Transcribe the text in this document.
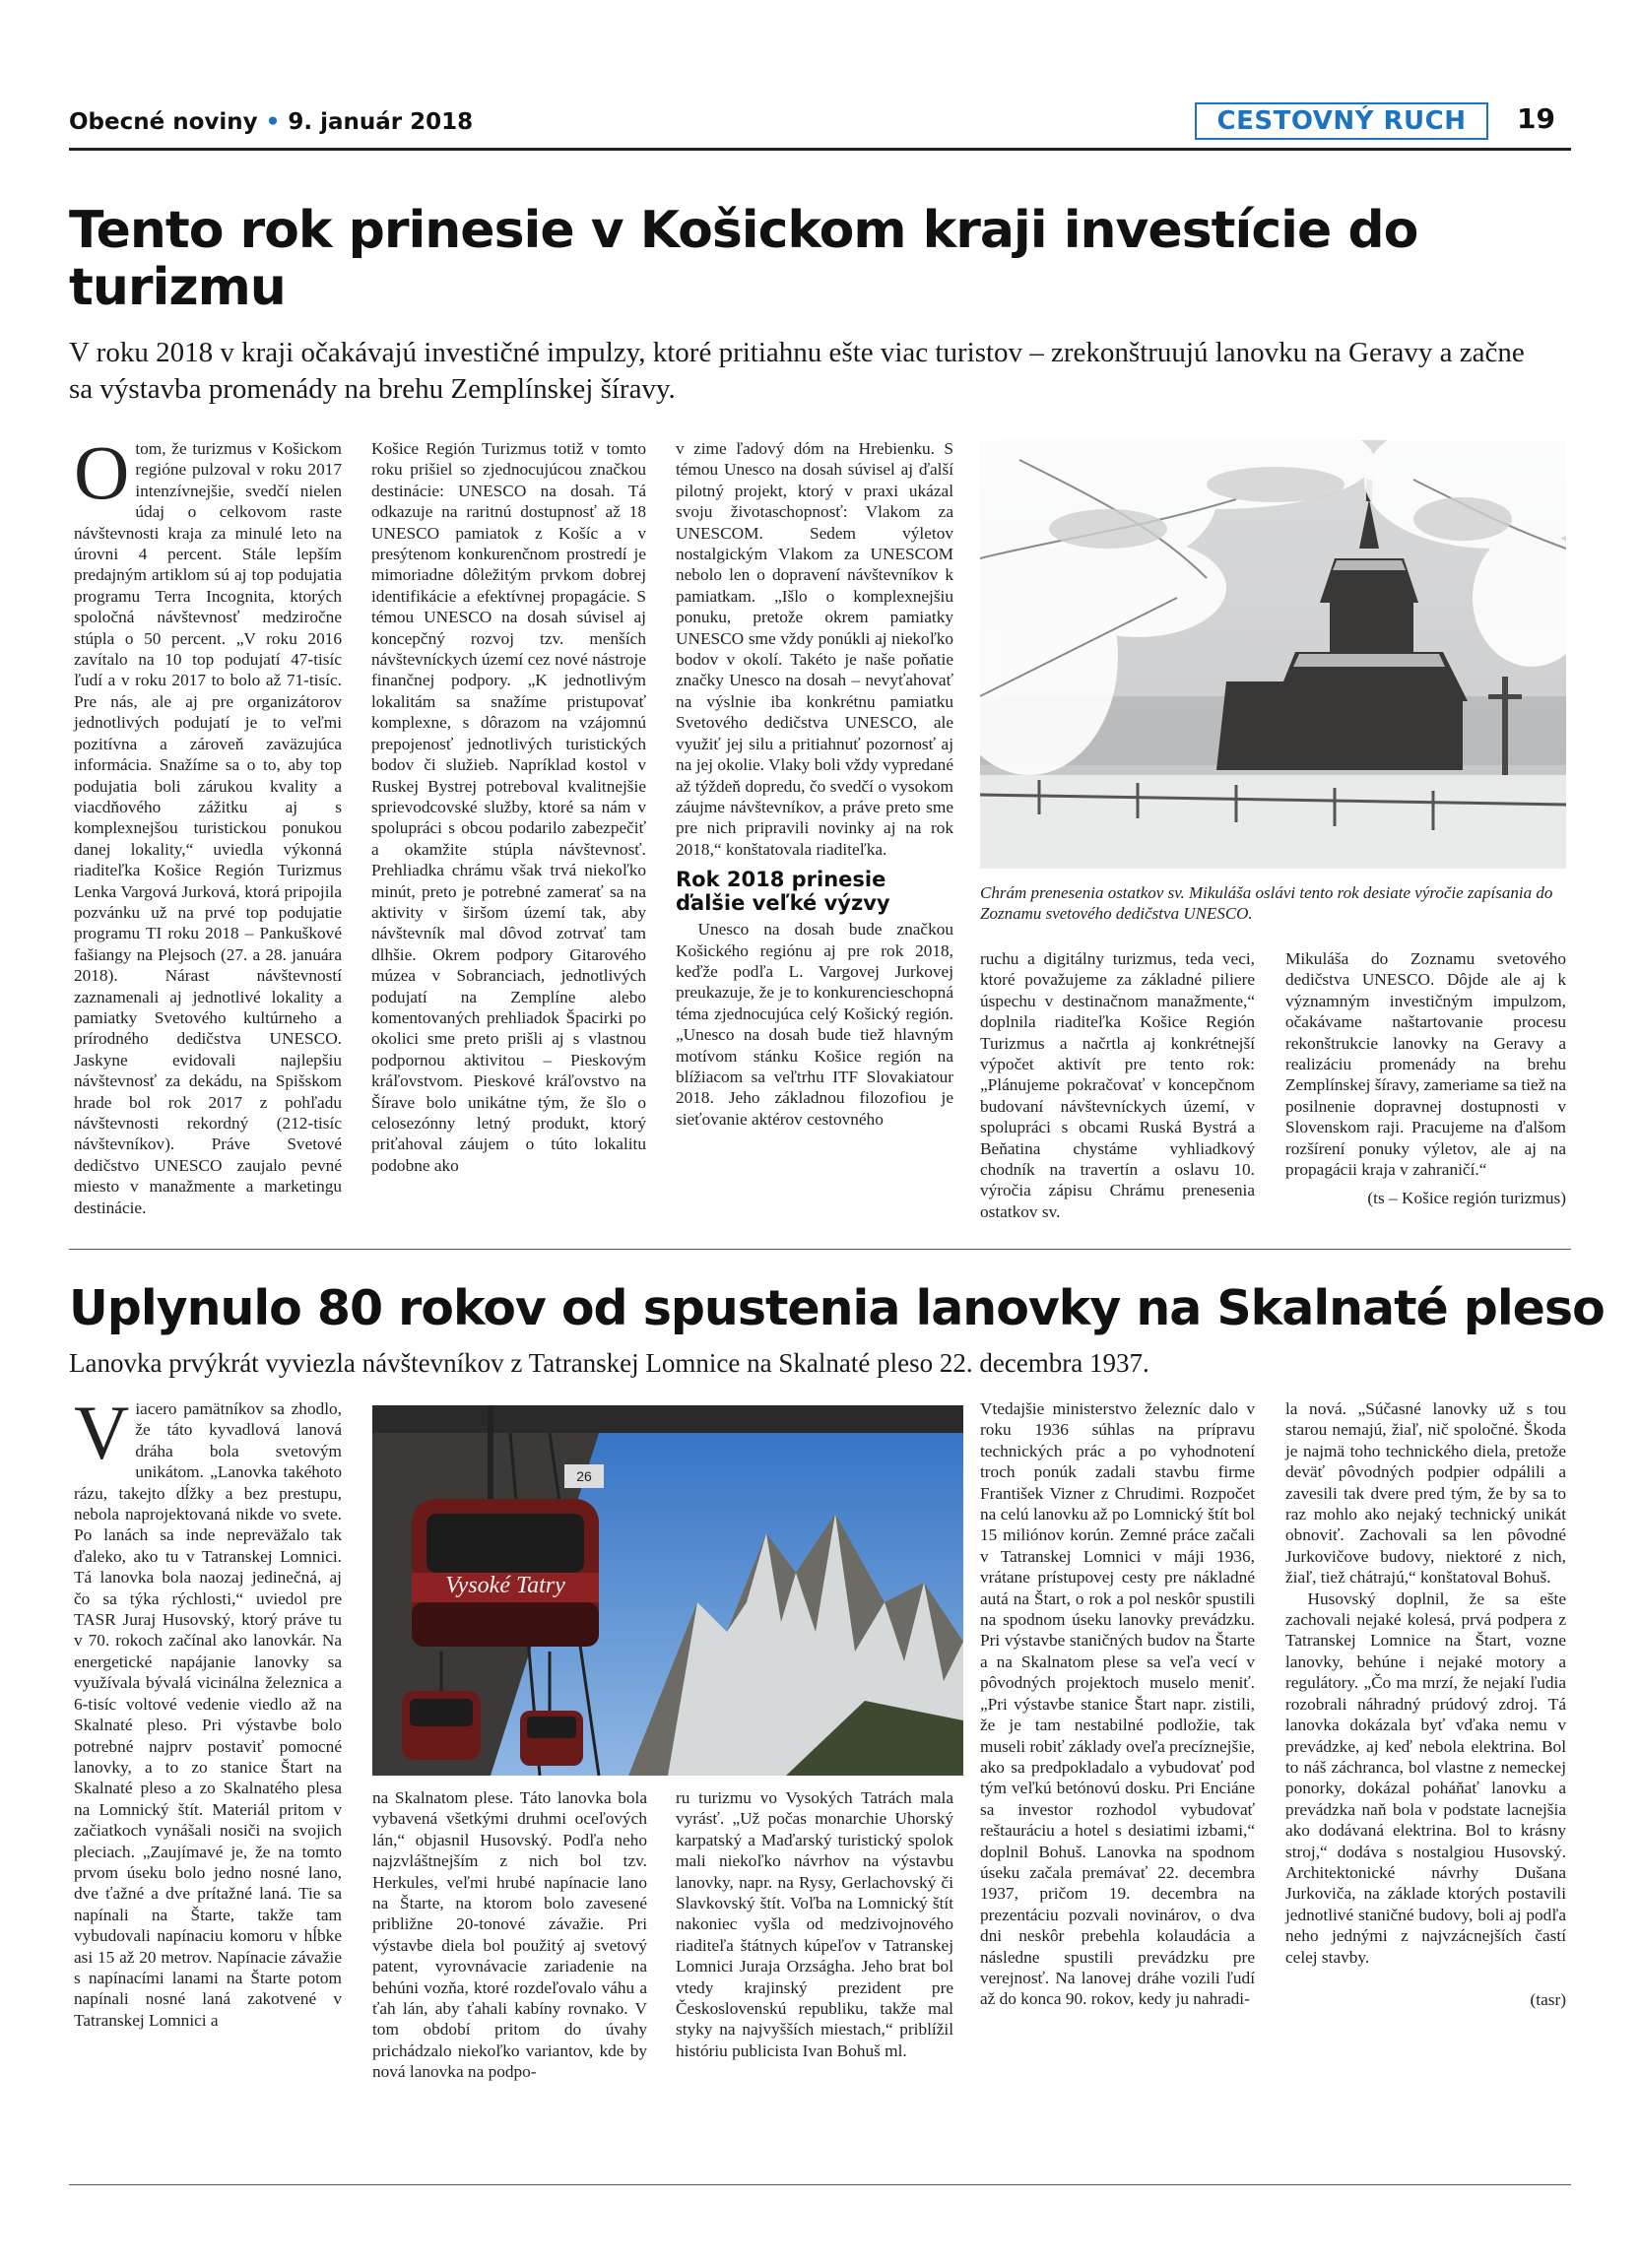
Obecné noviny • 9. január 2018	CESTOVNÝ RUCH	19
Tento rok prinesie v Košickom kraji investície do turizmu
V roku 2018 v kraji očakávajú investičné impulzy, ktoré pritiahnu ešte viac turistov – zrekonštruujú lanovku na Geravy a začne sa výstavba promenády na brehu Zemplínskej šíravy.

Otom, že turizmus v Košickom regióne pulzoval v roku 2017 intenzívnejšie, svedčí nielen údaj o celkovom raste návštevnosti kraja za minulé leto na úrovni 4 percent. Stále lepším predajným artiklom sú aj top podujatia programu Terra Incognita, ktorých spoločná návštevnosť medziročne stúpla o 50 percent. „V roku 2016 zavítalo na 10 top podujatí 47-tisíc ľudí a v roku 2017 to bolo až 71-tisíc. Pre nás, ale aj pre organizátorov jednotlivých podujatí je to veľmi pozitívna a zároveň zaväzujúca informácia. Snažíme sa o to, aby top podujatia boli zárukou kvality a viacdňového zážitku aj s komplexnejšou turistickou ponukou danej lokality,“ uviedla výkonná riaditeľka Košice Región Turizmus Lenka Vargová Jurková, ktorá pripojila pozvánku už na prvé top podujatie programu TI roku 2018 – Pankuškové fašiangy na Plejsoch (27. a 28. januára 2018). Nárast návštevností zaznamenali aj jednotlivé lokality a pamiatky Svetového kultúrneho a prírodného dedičstva UNESCO. Jaskyne evidovali najlepšiu návštevnosť za dekádu, na Spišskom hrade bol rok 2017 z pohľadu návštevnosti rekordný (212-tisíc návštevníkov). Práve Svetové dedičstvo UNESCO zaujalo pevné miesto v manažmente a marketingu destinácie.

Košice Región Turizmus totiž v tomto roku prišiel so zjednocujúcou značkou destinácie: UNESCO na dosah. Tá odkazuje na raritnú dostupnosť až 18 UNESCO pamiatok z Košíc a v presýtenom konkurenčnom prostredí je mimoriadne dôležitým prvkom dobrej identifikácie a efektívnej propagácie. S témou UNESCO na dosah súvisel aj koncepčný rozvoj tzv. menších návštevníckych území cez nové nástroje finančnej podpory. „K jednotlivým lokalitám sa snažíme pristupovať komplexne, s dôrazom na vzájomnú prepojenosť jednotlivých turistických bodov či služieb. Napríklad kostol v Ruskej Bystrej potreboval kvalitnejšie sprievodcovské služby, ktoré sa nám v spolupráci s obcou podarilo zabezpečiť a okamžite stúpla návštevnosť. Prehliadka chrámu však trvá niekoľko minút, preto je potrebné zamerať sa na aktivity v širšom území tak, aby návštevník mal dôvod zotrvať tam dlhšie. Okrem podpory Gitarového múzea v Sobranciach, jednotlivých podujatí na Zemplíne alebo komentovaných prehliadok Špacirki po okolici sme preto prišli aj s vlastnou podpornou aktivitou – Pieskovým kráľovstvom. Pieskové kráľovstvo na Šírave bolo unikátne tým, že šlo o celosezónny letný produkt, ktorý priťahoval záujem o túto lokalitu podobne ako

v zime ľadový dóm na Hrebienku. S témou Unesco na dosah súvisel aj ďalší pilotný projekt, ktorý v praxi ukázal svoju životaschopnosť: Vlakom za UNESCOM. Sedem výletov nostalgickým Vlakom za UNESCOM nebolo len o dopravení návštevníkov k pamiatkam. „Išlo o komplexnejšiu ponuku, pretože okrem pamiatky UNESCO sme vždy ponúkli aj niekoľko bodov v okolí. Takéto je naše poňatie značky Unesco na dosah – nevyťahovať na výslnie iba konkrétnu pamiatku Svetového dedičstva UNESCO, ale využiť jej silu a pritiahnuť pozornosť aj na jej okolie. Vlaky boli vždy vypredané až týždeň dopredu, čo svedčí o vysokom záujme návštevníkov, a práve preto sme pre nich pripravili novinky aj na rok 2018,“ konštatovala riaditeľka.

Rok 2018 prinesie ďalšie veľké výzvy

Unesco na dosah bude značkou Košického regiónu aj pre rok 2018, keďže podľa L. Vargovej Jurkovej preukazuje, že je to konkurencieschopná téma zjednocujúca celý Košický región. „Unesco na dosah bude tiež hlavným motívom stánku Košice región na blížiacom sa veľtrhu ITF Slovakiatour 2018. Jeho základnou filozofiou je sieťovanie aktérov cestovného

Chrám prenesenia ostatkov sv. Mikuláša oslávi tento rok desiate výročie zapísania do Zoznamu svetového dedičstva UNESCO.

ruchu a digitálny turizmus, teda veci, ktoré považujeme za základné piliere úspechu v destinačnom manažmente,“ doplnila riaditeľka Košice Región Turizmus a načrtla aj konkrétnejší výpočet aktivít pre tento rok: „Plánujeme pokračovať v koncepčnom budovaní návštevníckych území, v spolupráci s obcami Ruská Bystrá a Beňatina chystáme vyhliadkový chodník na travertín a oslavu 10. výročia zápisu Chrámu prenesenia ostatkov sv.

Mikuláša do Zoznamu svetového dedičstva UNESCO. Dôjde ale aj k významným investičným impulzom, očakávame naštartovanie procesu rekonštrukcie lanovky na Geravy a realizáciu promenády na brehu Zemplínskej šíravy, zameriame sa tiež na posilnenie dopravnej dostupnosti v Slovenskom raji. Pracujeme na ďalšom rozšírení ponuky výletov, ale aj na propagácii kraja v zahraničí.“

(ts – Košice región turizmus)
Uplynulo 80 rokov od spustenia lanovky na Skalnaté pleso
Lanovka prvýkrát vyviezla návštevníkov z Tatranskej Lomnice na Skalnaté pleso 22. decembra 1937.

Viacero pamätníkov sa zhodlo, že táto kyvadlová lanová dráha bola svetovým unikátom. „Lanovka takéhoto rázu, takejto dĺžky a bez prestupu, nebola naprojektovaná nikde vo svete. Po lanách sa inde nepreväžalo tak ďaleko, ako tu v Tatranskej Lomnici. Tá lanovka bola naozaj jedinečná, aj čo sa týka rýchlosti,“ uviedol pre TASR Juraj Husovský, ktorý práve tu v 70. rokoch začínal ako lanovkár. Na energetické napájanie lanovky sa využívala bývalá vicinálna železnica a 6-tisíc voltové vedenie viedlo až na Skalnaté pleso. Pri výstavbe bolo potrebné najprv postaviť pomocné lanovky, a to zo stanice Štart na Skalnaté pleso a zo Skalnatého plesa na Lomnický štít. Materiál pritom v začiatkoch vynášali nosiči na svojich pleciach. „Zaujímavé je, že na tomto prvom úseku bolo jedno nosné lano, dve ťažné a dve prítažné laná. Tie sa napínali na Štarte, takže tam vybudovali napínaciu komoru v hĺbke asi 15 až 20 metrov. Napínacie závažie s napínacími lanami na Štarte potom napínali nosné laná zakotvené v Tatranskej Lomnici a

26
Vysoké Tatry

na Skalnatom plese. Táto lanovka bola vybavená všetkými druhmi oceľových lán,“ objasnil Husovský. Podľa neho najzvláštnejším z nich bol tzv. Herkules, veľmi hrubé napínacie lano na Štarte, na ktorom bolo zavesené približne 20-tonové závažie. Pri výstavbe diela bol použitý aj svetový patent, vyrovnávacie zariadenie na behúni vozňa, ktoré rozdeľovalo váhu a ťah lán, aby ťahali kabíny rovnako. V tom období pritom do úvahy prichádzalo niekoľko variantov, kde by nová lanovka na podpo-

ru turizmu vo Vysokých Tatrách mala vyrásť. „Už počas monarchie Uhorský karpatský a Maďarský turistický spolok mali niekoľko návrhov na výstavbu lanovky, napr. na Rysy, Gerlachovský či Slavkovský štít. Voľba na Lomnický štít nakoniec vyšla od medzivojnového riaditeľa štátnych kúpeľov v Tatranskej Lomnici Juraja Orzságha. Jeho brat bol vtedy krajinský prezident pre Československú republiku, takže mal styky na najvyšších miestach,“ priblížil históriu publicista Ivan Bohuš ml.

Vtedajšie ministerstvo železníc dalo v roku 1936 súhlas na prípravu technických prác a po vyhodnotení troch ponúk zadali stavbu firme František Vizner z Chrudimi. Rozpočet na celú lanovku až po Lomnický štít bol 15 miliónov korún. Zemné práce začali v Tatranskej Lomnici v máji 1936, vrátane prístupovej cesty pre nákladné autá na Štart, o rok a pol neskôr spustili na spodnom úseku lanovky prevádzku. Pri výstavbe staničných budov na Štarte a na Skalnatom plese sa veľa vecí v pôvodných projektoch muselo meniť. „Pri výstavbe stanice Štart napr. zistili, že je tam nestabilné podložie, tak museli robiť základy oveľa precíznejšie, ako sa predpokladalo a vybudovať pod tým veľkú betónovú dosku. Pri Enciáne sa investor rozhodol vybudovať reštauráciu a hotel s desiatimi izbami,“ doplnil Bohuš. Lanovka na spodnom úseku začala premávať 22. decembra 1937, pričom 19. decembra na prezentáciu pozvali novinárov, o dva dni neskôr prebehla kolaudácia a následne spustili prevádzku pre verejnosť. Na lanovej dráhe vozili ľudí až do konca 90. rokov, kedy ju nahradi-

la nová. „Súčasné lanovky už s tou starou nemajú, žiaľ, nič spoločné. Škoda je najmä toho technického diela, pretože deväť pôvodných podpier odpálili a zavesili tak dvere pred tým, že by sa to raz mohlo ako nejaký technický unikát obnoviť. Zachovali sa len pôvodné Jurkovičove budovy, niektoré z nich, žiaľ, tiež chátrajú,“ konštatoval Bohuš.

Husovský doplnil, že sa ešte zachovali nejaké kolesá, prvá podpera z Tatranskej Lomnice na Štart, vozne lanovky, behúne i nejaké motory a regulátory. „Čo ma mrzí, že nejakí ľudia rozobrali náhradný prúdový zdroj. Tá lanovka dokázala byť vďaka nemu v prevádzke, aj keď nebola elektrina. Bol to náš záchranca, bol vlastne z nemeckej ponorky, dokázal poháňať lanovku a prevádzka naň bola v podstate lacnejšia ako dodávaná elektrina. Bol to krásny stroj,“ dodáva s nostalgiou Husovský. Architektonické návrhy Dušana Jurkoviča, na základe ktorých postavili jednotlivé staničné budovy, boli aj podľa neho jednými z najvzácnejších častí celej stavby.

(tasr)
